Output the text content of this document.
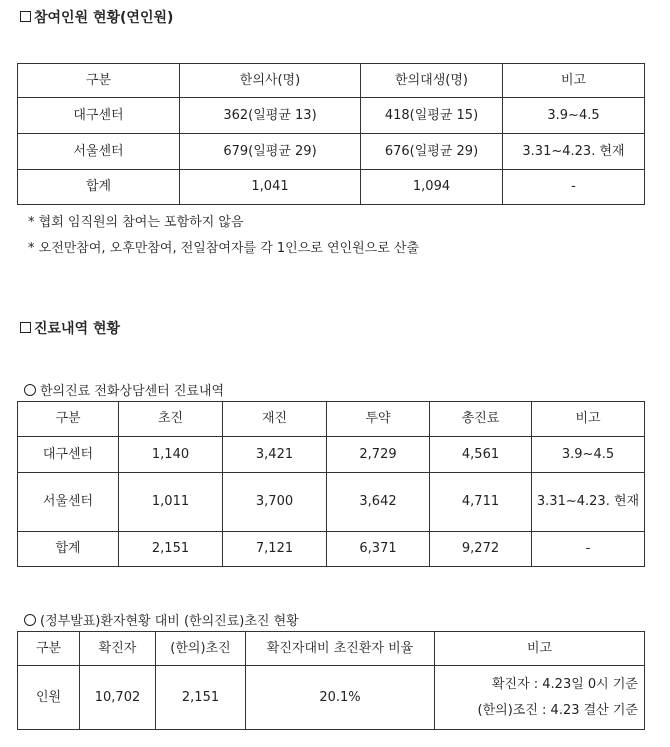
참여인원 현황(연인원)
구분	한의사(명)	한의대생(명)	비고
대구센터	362(일평균 13)	418(일평균 15)	3.9~4.5
서울센터	679(일평균 29)	676(일평균 29)	3.31~4.23. 현재
합계	1,041	1,094	-
* 협회 임직원의 참여는 포함하지 않음
* 오전만참여, 오후만참여, 전일참여자를 각 1인으로 연인원으로 산출
진료내역 현황
한의진료 전화상담센터 진료내역
구분	초진	재진	투약	총진료	비고
대구센터	1,140	3,421	2,729	4,561	3.9~4.5
서울센터	1,011	3,700	3,642	4,711	3.31~4.23. 현재
합계	2,151	7,121	6,371	9,272	-
(정부발표)환자현황 대비 (한의진료)초진 현황
구분	확진자	(한의)초진	확진자대비 초진환자 비율	비고
인원	10,702	2,151	20.1%	확진자 : 4.23일 0시 기준
(한의)조진 : 4.23 결산 기준
